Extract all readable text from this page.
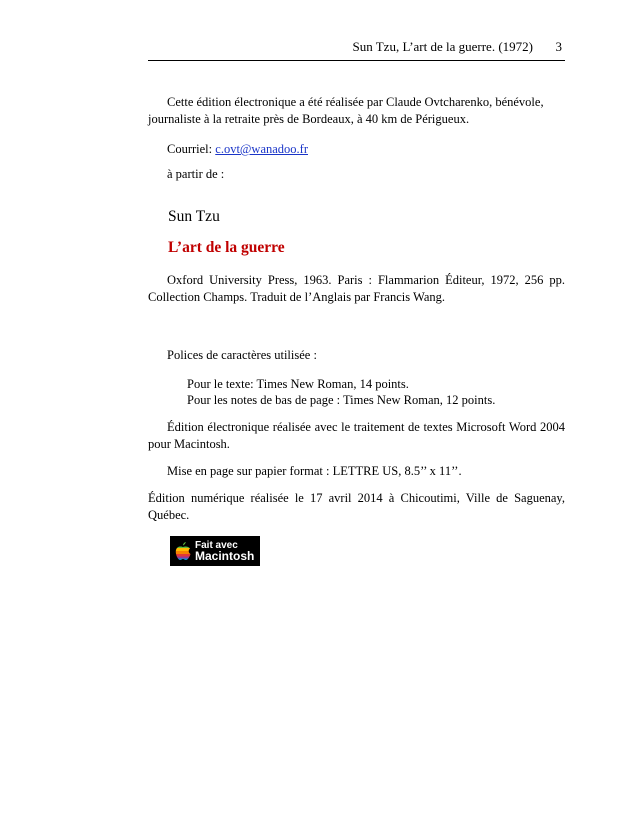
Sun Tzu, L’art de la guerre. (1972) 3

Cette édition électronique a été réalisée par Claude Ovtcharenko, bénévole,

journaliste à la retraite près de Bordeaux, à 40 km de Périgueux.

Courriel: c.ovt@wanadoo.fr
à partir de :
Sun Tzu
L’art de la guerre

Oxford University Press, 1963. Paris : Flammarion Éditeur, 1972, 256 pp. Collection Champs. Traduit de l’Anglais par Francis Wang.

Polices de caractères utilisée :
Pour le texte: Times New Roman, 14 points.
Pour les notes de bas de page : Times New Roman, 12 points.

Édition électronique réalisée avec le traitement de textes Microsoft Word 2004 pour Macintosh.

Mise en page sur papier format : LETTRE US, 8.5’’ x 11’’.

Édition numérique réalisée le 17 avril 2014 à Chicoutimi, Ville de Saguenay, Québec.

Fait avec
Macintosh
